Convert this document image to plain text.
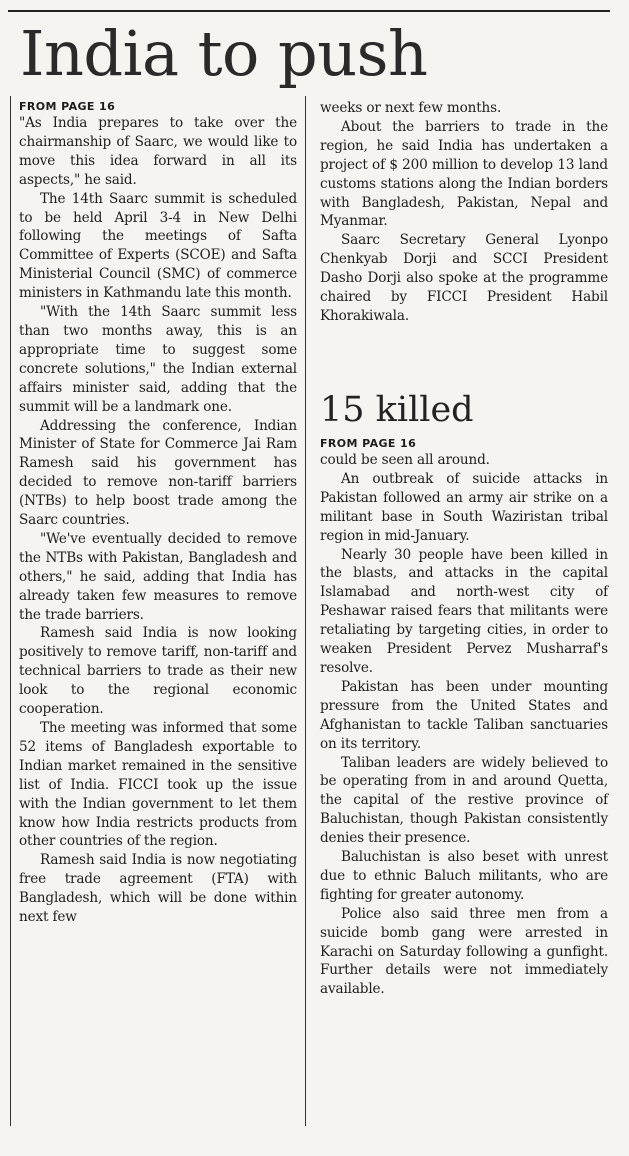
India to push
FROM PAGE 16

"As India prepares to take over the chairmanship of Saarc, we would like to move this idea forward in all its aspects," he said.

The 14th Saarc summit is scheduled to be held April 3-4 in New Delhi following the meetings of Safta Committee of Experts (SCOE) and Safta Ministerial Council (SMC) of commerce ministers in Kathmandu late this month.

"With the 14th Saarc summit less than two months away, this is an appropriate time to suggest some concrete solutions," the Indian external affairs minister said, adding that the summit will be a landmark one.

Addressing the conference, Indian Minister of State for Commerce Jai Ram Ramesh said his government has decided to remove non-tariff barriers (NTBs) to help boost trade among the Saarc countries.

"We've eventually decided to remove the NTBs with Pakistan, Bangladesh and others," he said, adding that India has already taken few measures to remove the trade barriers.

Ramesh said India is now looking positively to remove tariff, non-tariff and technical barriers to trade as their new look to the regional economic cooperation.

The meeting was informed that some 52 items of Bangladesh exportable to Indian market remained in the sensitive list of India. FICCI took up the issue with the Indian government to let them know how India restricts products from other countries of the region.

Ramesh said India is now negotiating free trade agreement (FTA) with Bangladesh, which will be done within next few

weeks or next few months.

About the barriers to trade in the region, he said India has undertaken a project of $ 200 million to develop 13 land customs stations along the Indian borders with Bangladesh, Pakistan, Nepal and Myanmar.

Saarc Secretary General Lyonpo Chenkyab Dorji and SCCI President Dasho Dorji also spoke at the programme chaired by FICCI President Habil Khorakiwala.

15 killed
FROM PAGE 16

could be seen all around.

An outbreak of suicide attacks in Pakistan followed an army air strike on a militant base in South Waziristan tribal region in mid-January.

Nearly 30 people have been killed in the blasts, and attacks in the capital Islamabad and north-west city of Peshawar raised fears that militants were retaliating by targeting cities, in order to weaken President Pervez Musharraf's resolve.

Pakistan has been under mounting pressure from the United States and Afghanistan to tackle Taliban sanctuaries on its territory.

Taliban leaders are widely believed to be operating from in and around Quetta, the capital of the restive province of Baluchistan, though Pakistan consistently denies their presence.

Baluchistan is also beset with unrest due to ethnic Baluch militants, who are fighting for greater autonomy.

Police also said three men from a suicide bomb gang were arrested in Karachi on Saturday following a gunfight. Further details were not immediately available.
